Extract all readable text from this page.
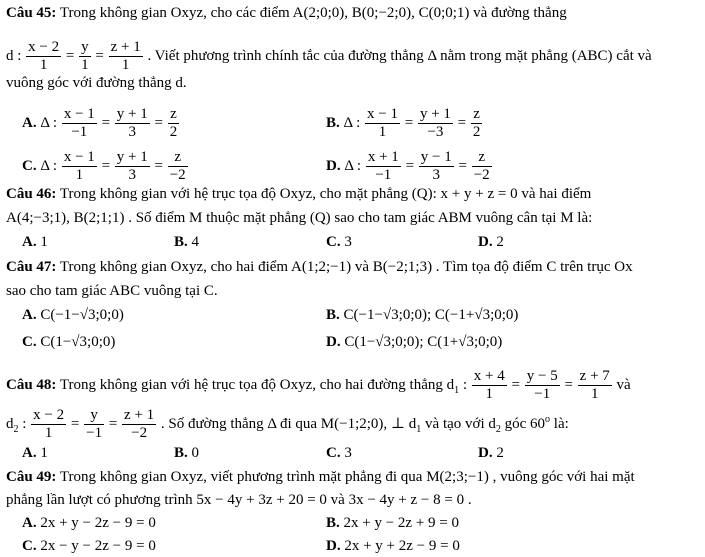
Câu 45: Trong không gian Oxyz, cho các điểm A(2;0;0), B(0;−2;0), C(0;0;1) và đường thẳng
d : $\frac{x - 2}{1} = \frac{y}{1} = \frac{z + 1}{1}$ . Viết phương trình chính tắc của đường thẳng Δ nằm trong mặt phẳng (ABC) cắt và
vuông góc với đường thẳng d.
A. Δ : $\frac{x - 1}{-1} = \frac{y + 1}{3} = \frac{z}{2}$	B. Δ : $\frac{x - 1}{1} = \frac{y + 1}{-3} = \frac{z}{2}$
C. Δ : $\frac{x - 1}{1} = \frac{y + 1}{3} = \frac{z}{-2}$	D. Δ : $\frac{x + 1}{-1} = \frac{y - 1}{3} = \frac{z}{-2}$
Câu 46: Trong không gian với hệ trục tọa độ Oxyz, cho mặt phẳng (Q): x + y + z = 0 và hai điểm
A(4;−3;1), B(2;1;1) . Số điểm M thuộc mặt phẳng (Q) sao cho tam giác ABM vuông cân tại M là:
A. 1	B. 4	C. 3	D. 2
Câu 47: Trong không gian Oxyz, cho hai điểm A(1;2;−1) và B(−2;1;3) . Tìm tọa độ điểm C trên trục Ox
sao cho tam giác ABC vuông tại C.
A. C(−1−√3;0;0)	B. C(−1−√3;0;0); C(−1+√3;0;0)
C. C(1−√3;0;0)	D. C(1−√3;0;0); C(1+√3;0;0)
Câu 48: Trong không gian với hệ trục tọa độ Oxyz, cho hai đường thẳng $d_1$ : $\frac{x + 4}{1} = \frac{y - 5}{-1} = \frac{z + 7}{1}$ và
$d_2$ : $\frac{x - 2}{1} = \frac{y}{-1} = \frac{z + 1}{-2}$ . Số đường thẳng Δ đi qua M(−1;2;0), ⊥ $d_1$ và tạo với $d_2$ góc 60$^o$ là:
A. 1	B. 0	C. 3	D. 2
Câu 49: Trong không gian Oxyz, viết phương trình mặt phẳng đi qua M(2;3;−1) , vuông góc với hai mặt
phẳng lần lượt có phương trình 5x − 4y + 3z + 20 = 0 và 3x − 4y + z − 8 = 0 .
A. 2x + y − 2z − 9 = 0	B. 2x + y − 2z + 9 = 0
C. 2x − y − 2z − 9 = 0	D. 2x + y + 2z − 9 = 0
